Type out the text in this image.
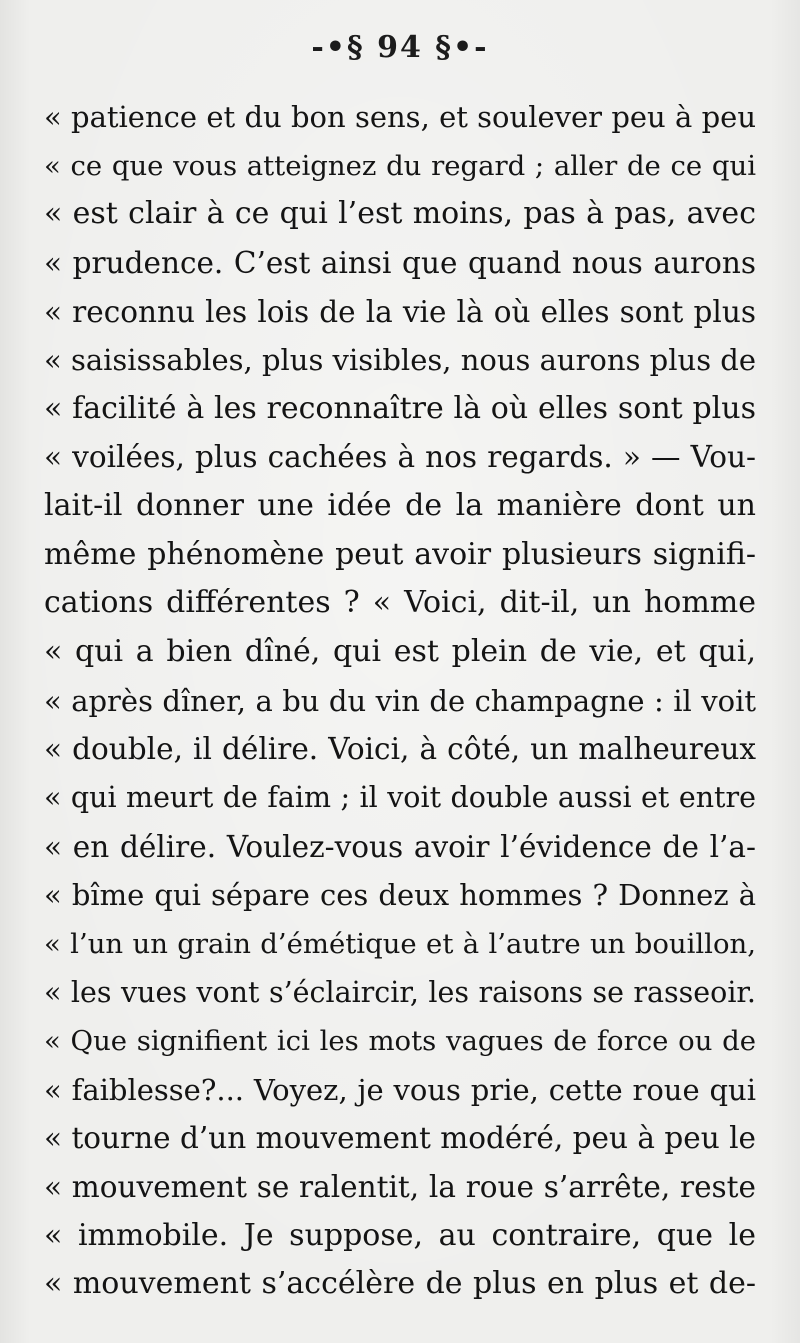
-•§ 94 §•-
« patience et du bon sens, et soulever peu à peu
« ce que vous atteignez du regard ; aller de ce qui
« est clair à ce qui l’est moins, pas à pas, avec
« prudence. C’est ainsi que quand nous aurons
« reconnu les lois de la vie là où elles sont plus
« saisissables, plus visibles, nous aurons plus de
« facilité à les reconnaître là où elles sont plus
« voilées, plus cachées à nos regards. » — Vou-
lait-il donner une idée de la manière dont un
même phénomène peut avoir plusieurs signifi-
cations différentes ? « Voici, dit-il, un homme
« qui a bien dîné, qui est plein de vie, et qui,
« après dîner, a bu du vin de champagne : il voit
« double, il délire. Voici, à côté, un malheureux
« qui meurt de faim ; il voit double aussi et entre
« en délire. Voulez-vous avoir l’évidence de l’a-
« bîme qui sépare ces deux hommes ? Donnez à
« l’un un grain d’émétique et à l’autre un bouillon,
« les vues vont s’éclaircir, les raisons se rasseoir.
« Que signifient ici les mots vagues de force ou de
« faiblesse?... Voyez, je vous prie, cette roue qui
« tourne d’un mouvement modéré, peu à peu le
« mouvement se ralentit, la roue s’arrête, reste
« immobile. Je suppose, au contraire, que le
« mouvement s’accélère de plus en plus et de-
